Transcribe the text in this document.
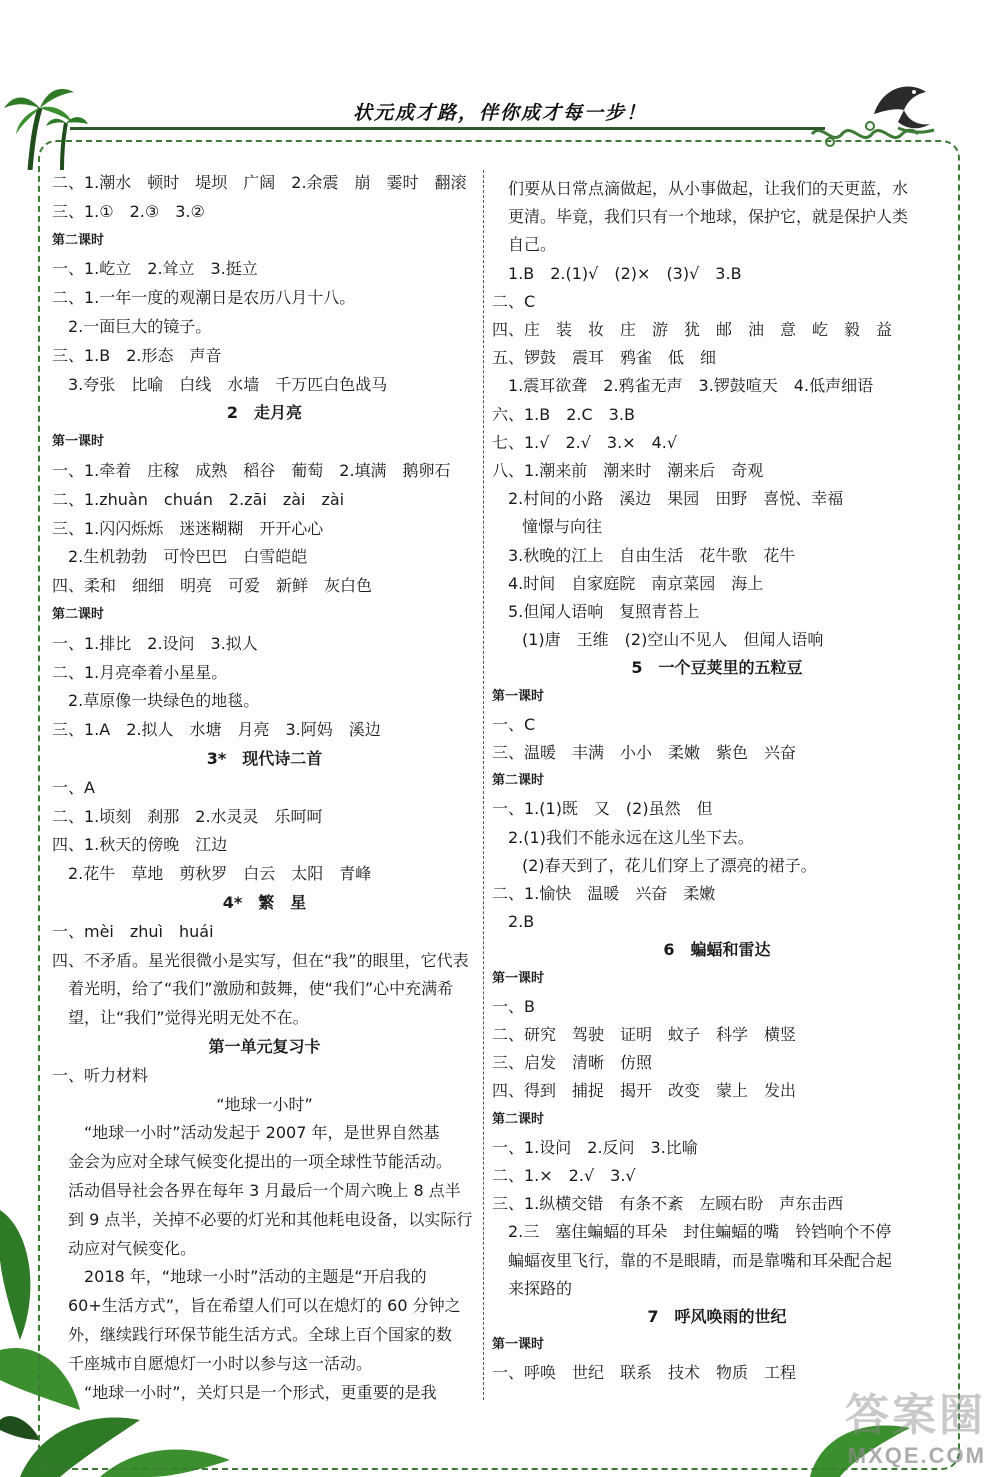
状元成才路，伴你成才每一步！
二、1.潮水　顿时　堤坝　广阔　2.余震　崩　霎时　翻滚
三、1.①　2.③　3.②
第二课时
一、1.屹立　2.耸立　3.挺立
二、1.一年一度的观潮日是农历八月十八。
2.一面巨大的镜子。
三、1.B　2.形态　声音
3.夸张　比喻　白线　水墙　千万匹白色战马
2　走月亮
第一课时
一、1.牵着　庄稼　成熟　稻谷　葡萄　2.填满　鹅卵石
二、1.zhuàn　chuán　2.zāi　zài　zài
三、1.闪闪烁烁　迷迷糊糊　开开心心
2.生机勃勃　可怜巴巴　白雪皑皑
四、柔和　细细　明亮　可爱　新鲜　灰白色
第二课时
一、1.排比　2.设问　3.拟人
二、1.月亮牵着小星星。
2.草原像一块绿色的地毯。
三、1.A　2.拟人　水塘　月亮　3.阿妈　溪边
3*　现代诗二首
一、A
二、1.顷刻　刹那　2.水灵灵　乐呵呵
四、1.秋天的傍晚　江边
2.花牛　草地　剪秋罗　白云　太阳　青峰
4*　繁　星
一、mèi　zhuì　huái
四、不矛盾。星光很微小是实写，但在“我”的眼里，它代表
着光明，给了“我们”激励和鼓舞，使“我们”心中充满希
望，让“我们”觉得光明无处不在。
第一单元复习卡
一、听力材料
“地球一小时”
“地球一小时”活动发起于 2007 年，是世界自然基
金会为应对全球气候变化提出的一项全球性节能活动。
活动倡导社会各界在每年 3 月最后一个周六晚上 8 点半
到 9 点半，关掉不必要的灯光和其他耗电设备，以实际行
动应对气候变化。
2018 年，“地球一小时”活动的主题是“开启我的
60+生活方式”，旨在希望人们可以在熄灯的 60 分钟之
外，继续践行环保节能生活方式。全球上百个国家的数
千座城市自愿熄灯一小时以参与这一活动。
“地球一小时”，关灯只是一个形式，更重要的是我
们要从日常点滴做起，从小事做起，让我们的天更蓝，水
更清。毕竟，我们只有一个地球，保护它，就是保护人类
自己。
1.B　2.(1)√　(2)×　(3)√　3.B
二、C
四、庄　装　妆　庄　游　犹　邮　油　意　屹　毅　益
五、锣鼓　震耳　鸦雀　低　细
1.震耳欲聋　2.鸦雀无声　3.锣鼓喧天　4.低声细语
六、1.B　2.C　3.B
七、1.√　2.√　3.×　4.√
八、1.潮来前　潮来时　潮来后　奇观
2.村间的小路　溪边　果园　田野　喜悦、幸福
憧憬与向往
3.秋晚的江上　自由生活　花牛歌　花牛
4.时间　自家庭院　南京菜园　海上
5.但闻人语响　复照青苔上
(1)唐　王维　(2)空山不见人　但闻人语响
5　一个豆荚里的五粒豆
第一课时
一、C
三、温暖　丰满　小小　柔嫩　紫色　兴奋
第二课时
一、1.(1)既　又　(2)虽然　但
2.(1)我们不能永远在这儿坐下去。
(2)春天到了，花儿们穿上了漂亮的裙子。
二、1.愉快　温暖　兴奋　柔嫩
2.B
6　蝙蝠和雷达
第一课时
一、B
二、研究　驾驶　证明　蚊子　科学　横竖
三、启发　清晰　仿照
四、得到　捕捉　揭开　改变　蒙上　发出
第二课时
一、1.设问　2.反问　3.比喻
二、1.×　2.√　3.√
三、1.纵横交错　有条不紊　左顾右盼　声东击西
2.三　塞住蝙蝠的耳朵　封住蝙蝠的嘴　铃铛响个不停
蝙蝠夜里飞行，靠的不是眼睛，而是靠嘴和耳朵配合起
来探路的
7　呼风唤雨的世纪
第一课时
一、呼唤　世纪　联系　技术　物质　工程
答案圈
MXQE.COM
